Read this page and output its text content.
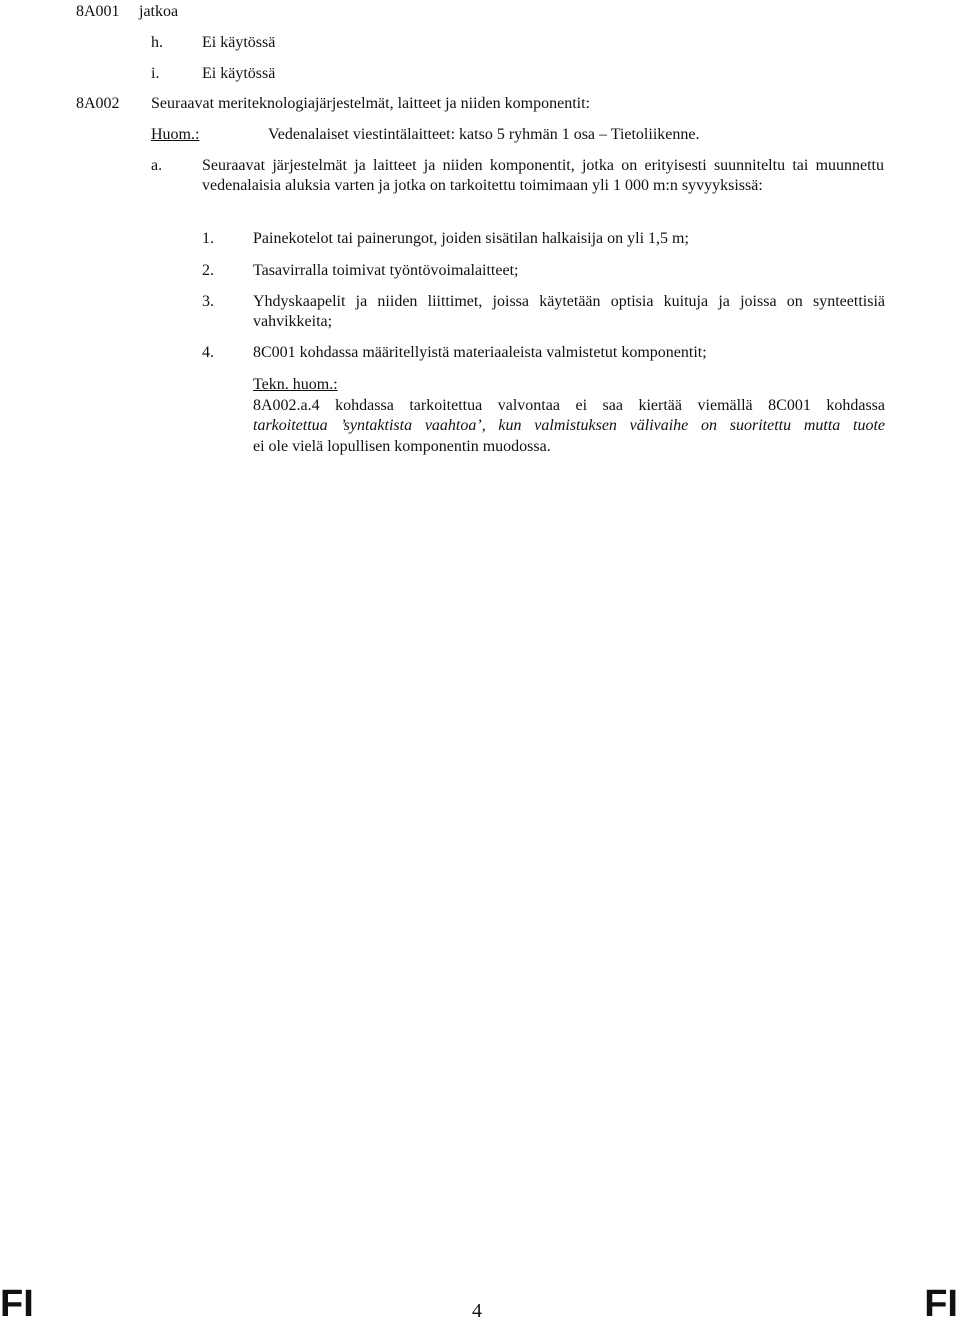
8A001 jatkoa
h. Ei käytössä
i.	Ei käytössä
8A002 Seuraavat meriteknologiajärjestelmät, laitteet ja niiden komponentit:
Huom.:	Vedenalaiset viestintälaitteet: katso 5 ryhmän 1 osa – Tietoliikenne.
a. Seuraavat järjestelmät ja laitteet ja niiden komponentit, jotka on erityisesti suunniteltu tai muunnettu vedenalaisia aluksia varten ja jotka on tarkoitettu toimimaan yli 1 000 m:n syvyyksissä:
1. Painekotelot tai painerungot, joiden sisätilan halkaisija on yli 1,5 m;
2. Tasavirralla toimivat työntövoimalaitteet;
3. Yhdyskaapelit ja niiden liittimet, joissa käytetään optisia kuituja ja joissa on synteettisiä vahvikkeita;
4. 8C001 kohdassa määritellyistä materiaaleista valmistetut komponentit;
Tekn. huom.:
8A002.a.4 kohdassa tarkoitettua valvontaa ei saa kiertää viemällä 8C001 kohdassa
tarkoitettua ’syntaktista vaahtoa’, kun valmistuksen välivaihe on suoritettu mutta tuote
ei ole vielä lopullisen komponentin muodossa.
FI	4	FI
